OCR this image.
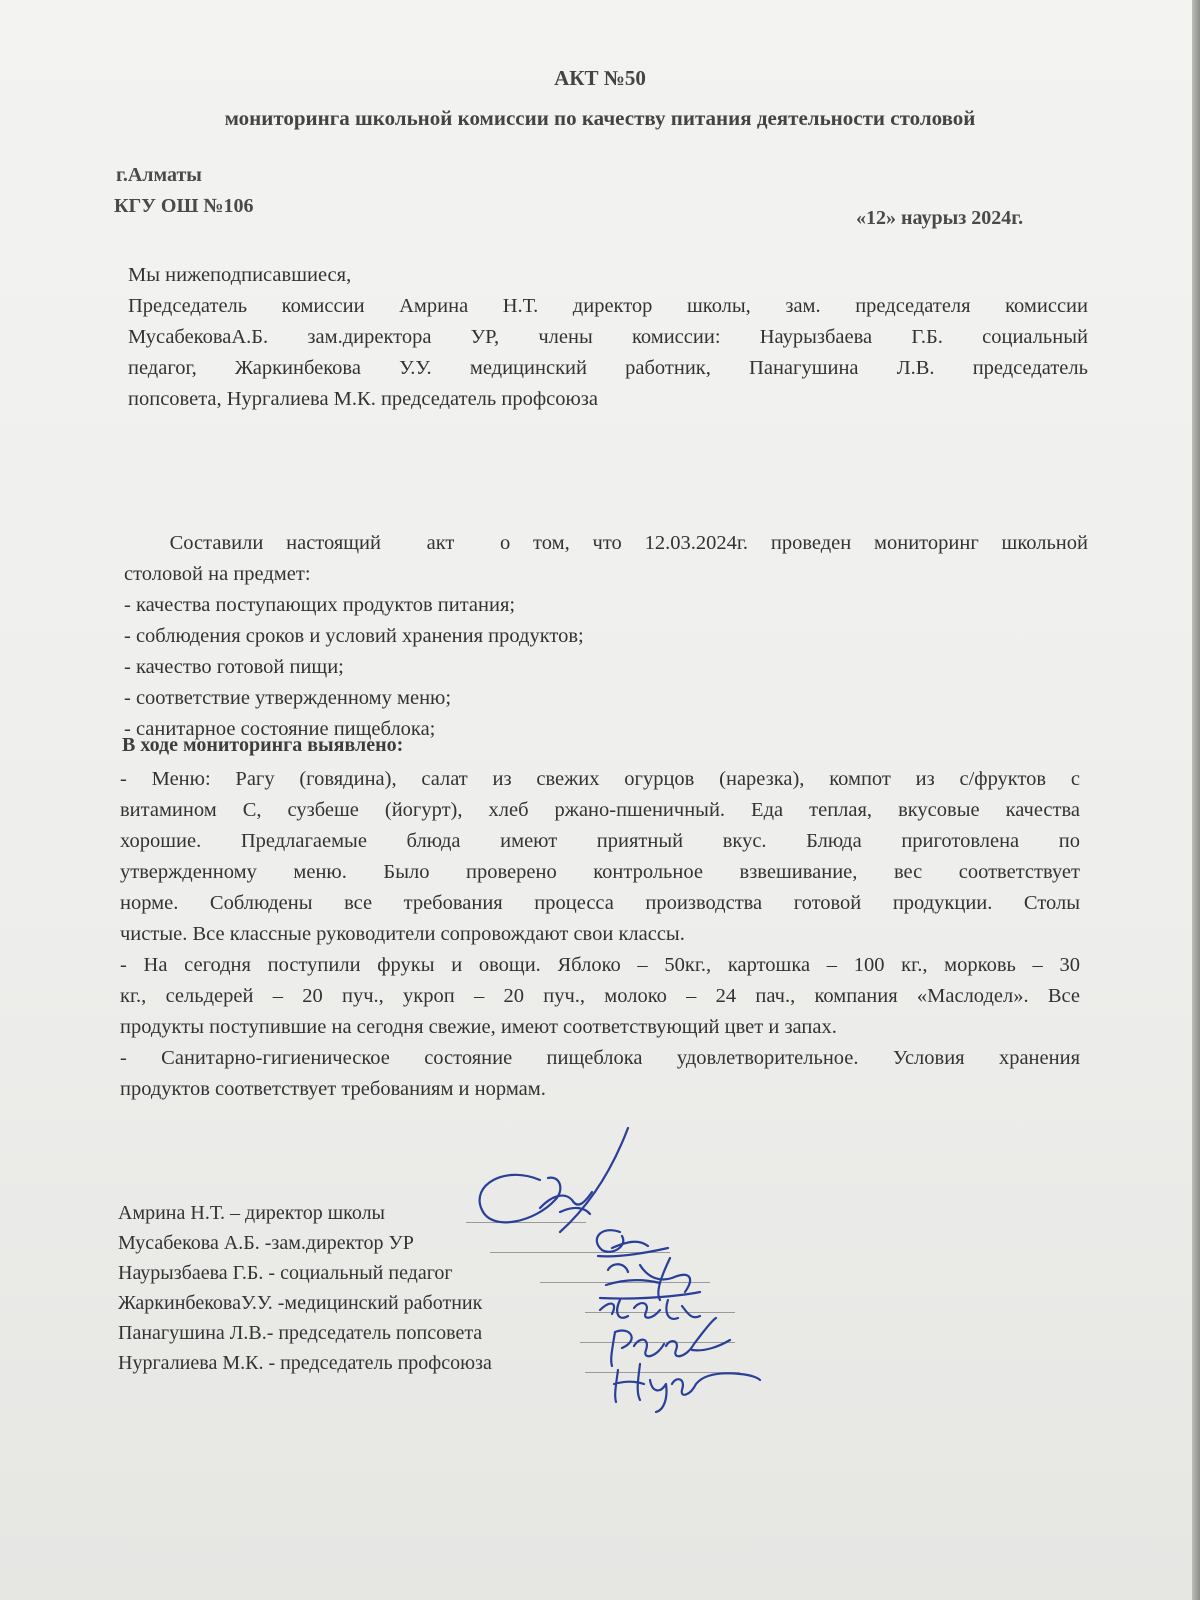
АКТ №50
мониторинга школьной комиссии по качеству питания деятельности столовой
г.Алматы
КГУ ОШ №106
«12» наурыз 2024г.
Мы нижеподписавшиеся,
Председатель комиссии Амрина Н.Т. директор школы, зам. председателя комиссии
МусабековаА.Б. зам.директора УР, члены комиссии: Наурызбаева Г.Б. социальный
педагог, Жаркинбекова У.У. медицинский работник, Панагушина Л.В. председатель
попсовета, Нургалиева М.К. председатель профсоюза

Составили настоящий  акт  о том, что 12.03.2024г. проведен мониторинг школьной
столовой на предмет:
- качества поступающих продуктов питания;
- соблюдения сроков и условий хранения продуктов;
- качество готовой пищи;
- соответствие утвержденному меню;
- санитарное состояние пищеблока;

В ходе мониторинга выявлено:
- Меню: Рагу (говядина), салат из свежих огурцов (нарезка), компот из с/фруктов с
витамином С, сузбеше (йогурт), хлеб ржано-пшеничный. Еда теплая, вкусовые качества
хорошие. Предлагаемые блюда имеют приятный вкус. Блюда приготовлена по
утвержденному меню. Было проверено контрольное взвешивание, вес соответствует
норме. Соблюдены все требования процесса производства готовой продукции. Столы
чистые. Все классные руководители сопровождают свои классы.
- На сегодня поступили фрукы и овощи. Яблоко – 50кг., картошка – 100 кг., морковь – 30
кг., сельдерей – 20 пуч., укроп – 20 пуч., молоко – 24 пач., компания «Маслодел». Все
продукты поступившие на сегодня свежие, имеют соответствующий цвет и запах.
- Санитарно-гигиеническое состояние пищеблока удовлетворительное. Условия хранения
продуктов соответствует требованиям и нормам.
Амрина Н.Т. – директор школы
Мусабекова А.Б. -зам.директор УР
Наурызбаева Г.Б. - социальный педагог
ЖаркинбековаУ.У. -медицинский работник
Панагушина Л.В.- председатель попсовета
Нургалиева М.К. - председатель профсоюза
